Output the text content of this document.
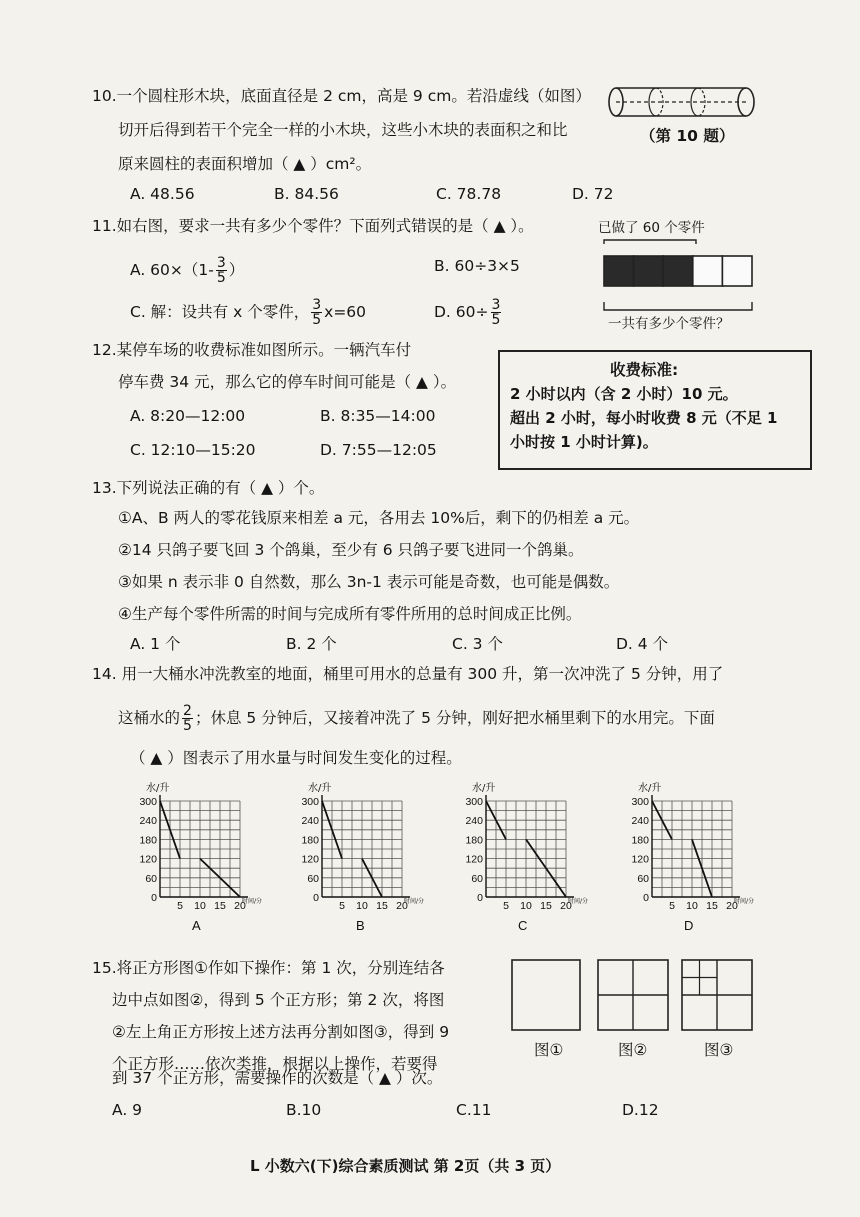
10.一个圆柱形木块，底面直径是 2 cm，高是 9 cm。若沿虚线（如图）
切开后得到若干个完全一样的小木块，这些小木块的表面积之和比
原来圆柱的表面积增加（ ▲ ）cm²。
（第 10 题）
A. 48.56	B. 84.56	C. 78.78	D. 72
11.如右图，要求一共有多少个零件？下面列式错误的是（ ▲ ）。
A. $60\times(1- \frac{3}{5}$ ）	B. 60÷3×5
C. 解：设共有 x 个零件， $\frac{3}{5} x=60$	D. $60\div \frac{3}{5}$
已做了 60 个零件
一共有多少个零件？
12.某停车场的收费标准如图所示。一辆汽车付
停车费 34 元，那么它的停车时间可能是（ ▲ ）。
A. 8:20—12:00	B. 8:35—14:00
C. 12:10—15:20	D. 7:55—12:05
收费标准:
2 小时以内（含 2 小时）10 元。
超出 2 小时，每小时收费 8 元（不足 1
小时按 1 小时计算)。
13.下列说法正确的有（ ▲ ）个。
①A、B 两人的零花钱原来相差 a 元，各用去 10%后，剩下的仍相差 a 元。
②14 只鸽子要飞回 3 个鸽巢，至少有 6 只鸽子要飞进同一个鸽巢。
③如果 n 表示非 0 自然数，那么 3n-1 表示可能是奇数，也可能是偶数。
④生产每个零件所需的时间与完成所有零件所用的总时间成正比例。
A. 1 个	B. 2 个	C. 3 个	D. 4 个
14. 用一大桶水冲洗教室的地面，桶里可用水的总量有 300 升，第一次冲洗了 5 分钟，用了
这桶水的 $\frac{2}{5}$ ；休息 5 分钟后，又接着冲洗了 5 分钟，刚好把水桶里剩下的水用完。下面
（ ▲ ）图表示了用水量与时间发生变化的过程。
0
60
120
180
240
300
5 10 15 20
水/升
时间/分
A
0
60
120
180
240
300
5 10 15 20
水/升
时间/分
B
0
60
120
180
240
300
5 10 15 20
水/升
时间/分
C
0
60
120
180
240
300
5 10 15 20
水/升
时间/分
D
15.将正方形图①作如下操作：第 1 次，分别连结各
边中点如图②，得到 5 个正方形；第 2 次，将图
②左上角正方形按上述方法再分割如图③，得到 9
个正方形……依次类推，根据以上操作，若要得
到 37 个正方形，需要操作的次数是（ ▲ ）次。
A. 9	B.10	C.11	D.12
图①	图②	图③
L 小数六(下)综合素质测试 第 2页（共 3 页）
